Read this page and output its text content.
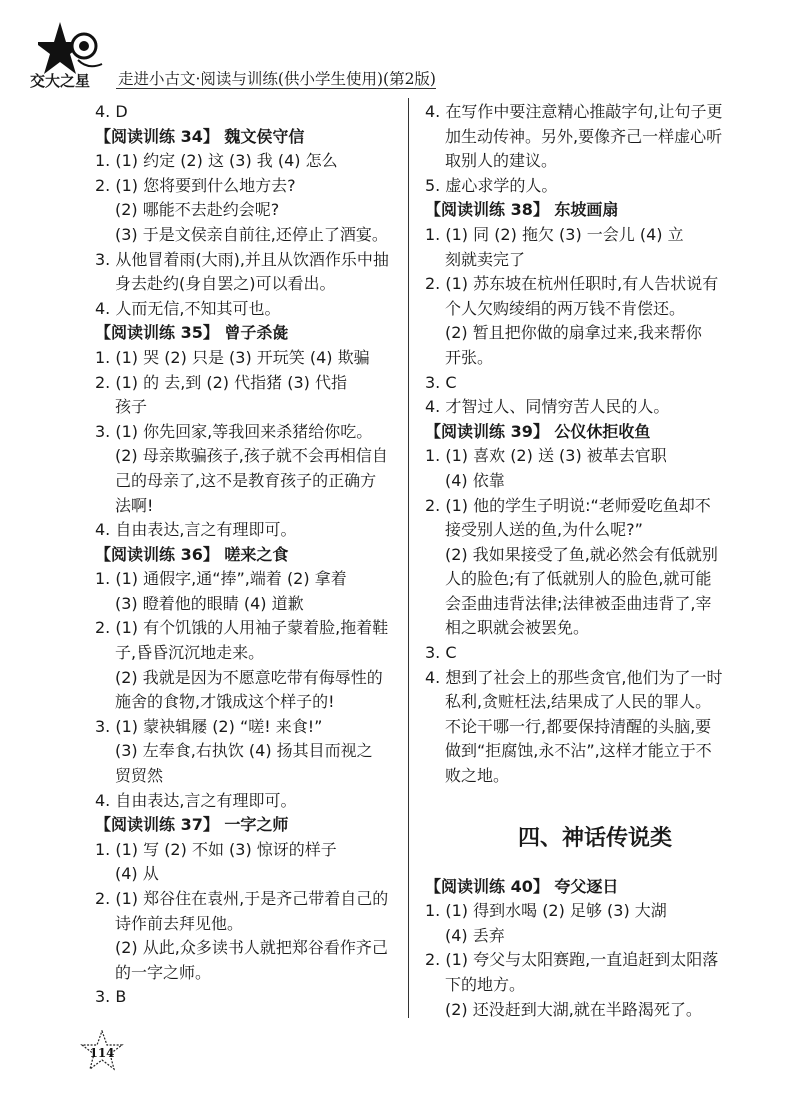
交大之星 走进小古文·阅读与训练(供小学生使用)(第2版)
4. D
【阅读训练 34】 魏文侯守信
1. (1) 约定 (2) 这 (3) 我 (4) 怎么
2. (1) 您将要到什么地方去?
(2) 哪能不去赴约会呢?
(3) 于是文侯亲自前往,还停止了酒宴。
3. 从他冒着雨(大雨),并且从饮酒作乐中抽
身去赴约(身自罢之)可以看出。
4. 人而无信,不知其可也。
【阅读训练 35】 曾子杀彘
1. (1) 哭 (2) 只是 (3) 开玩笑 (4) 欺骗
2. (1) 的 去,到 (2) 代指猪 (3) 代指
孩子
3. (1) 你先回家,等我回来杀猪给你吃。
(2) 母亲欺骗孩子,孩子就不会再相信自
己的母亲了,这不是教育孩子的正确方
法啊!
4. 自由表达,言之有理即可。
【阅读训练 36】 嗟来之食
1. (1) 通假字,通“捧”,端着 (2) 拿着
(3) 瞪着他的眼睛 (4) 道歉
2. (1) 有个饥饿的人用袖子蒙着脸,拖着鞋
子,昏昏沉沉地走来。
(2) 我就是因为不愿意吃带有侮辱性的
施舍的食物,才饿成这个样子的!
3. (1) 蒙袂辑屦 (2) “嗟! 来食!”
(3) 左奉食,右执饮 (4) 扬其目而视之
贸贸然
4. 自由表达,言之有理即可。
【阅读训练 37】 一字之师
1. (1) 写 (2) 不如 (3) 惊讶的样子
(4) 从
2. (1) 郑谷住在袁州,于是齐己带着自己的
诗作前去拜见他。
(2) 从此,众多读书人就把郑谷看作齐己
的一字之师。
3. B
4. 在写作中要注意精心推敲字句,让句子更
加生动传神。另外,要像齐己一样虚心听
取别人的建议。
5. 虚心求学的人。
【阅读训练 38】 东坡画扇
1. (1) 同 (2) 拖欠 (3) 一会儿 (4) 立
刻就卖完了
2. (1) 苏东坡在杭州任职时,有人告状说有
个人欠购绫绢的两万钱不肯偿还。
(2) 暂且把你做的扇拿过来,我来帮你
开张。
3. C
4. 才智过人、同情穷苦人民的人。
【阅读训练 39】 公仪休拒收鱼
1. (1) 喜欢 (2) 送 (3) 被革去官职
(4) 依靠
2. (1) 他的学生子明说:“老师爱吃鱼却不
接受别人送的鱼,为什么呢?”
(2) 我如果接受了鱼,就必然会有低就别
人的脸色;有了低就别人的脸色,就可能
会歪曲违背法律;法律被歪曲违背了,宰
相之职就会被罢免。
3. C
4. 想到了社会上的那些贪官,他们为了一时
私利,贪赃枉法,结果成了人民的罪人。
不论干哪一行,都要保持清醒的头脑,要
做到“拒腐蚀,永不沾”,这样才能立于不
败之地。
四、神话传说类
【阅读训练 40】 夸父逐日
1. (1) 得到水喝 (2) 足够 (3) 大湖
(4) 丢弃
2. (1) 夸父与太阳赛跑,一直追赶到太阳落
下的地方。
(2) 还没赶到大湖,就在半路渴死了。
114
